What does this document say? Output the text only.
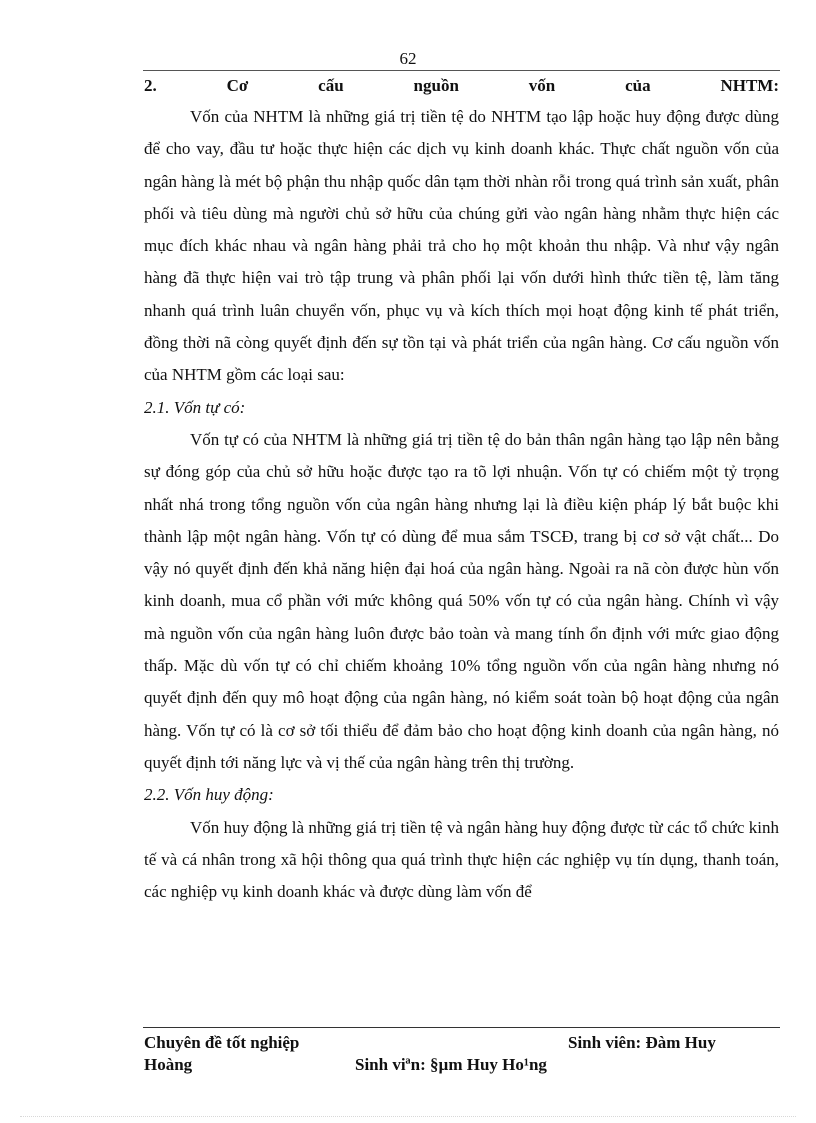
62
2.	Cơ	cấu	nguồn	vốn	của	NHTM:

Vốn của NHTM là những giá trị tiền tệ do NHTM tạo lập hoặc huy động được dùng để cho vay, đầu tư hoặc thực hiện các dịch vụ kinh doanh khác. Thực chất nguồn vốn của ngân hàng là mét bộ phận thu nhập quốc dân tạm thời nhàn rỗi trong quá trình sản xuất, phân phối và tiêu dùng mà người chủ sở hữu của chúng gửi vào ngân hàng nhằm thực hiện các mục đích khác nhau và ngân hàng phải trả cho họ một khoản thu nhập. Và như vậy ngân hàng đã thực hiện vai trò tập trung và phân phối lại vốn dưới hình thức tiền tệ, làm tăng nhanh quá trình luân chuyển vốn, phục vụ và kích thích mọi hoạt động kinh tế phát triển, đồng thời nã còng quyết định đến sự tồn tại và phát triển của ngân hàng. Cơ cấu nguồn vốn của NHTM gồm các loại sau:

2.1. Vốn tự có:

Vốn tự có của NHTM là những giá trị tiền tệ do bản thân ngân hàng tạo lập nên bằng sự đóng góp của chủ sở hữu hoặc được tạo ra tõ lợi nhuận. Vốn tự có chiếm một tỷ trọng nhất nhá trong tổng nguồn vốn của ngân hàng nhưng lại là điều kiện pháp lý bắt buộc khi thành lập một ngân hàng. Vốn tự có dùng để mua sắm TSCĐ, trang bị cơ sở vật chất... Do vậy nó quyết định đến khả năng hiện đại hoá của ngân hàng. Ngoài ra nã còn được hùn vốn kinh doanh, mua cổ phần với mức không quá 50% vốn tự có của ngân hàng. Chính vì vậy mà nguồn vốn của ngân hàng luôn được bảo toàn và mang tính ổn định với mức giao động thấp. Mặc dù vốn tự có chỉ chiếm khoảng 10% tổng nguồn vốn của ngân hàng nhưng nó quyết định đến quy mô hoạt động của ngân hàng, nó kiểm soát toàn bộ hoạt động của ngân hàng. Vốn tự có là cơ sở tối thiểu để đảm bảo cho hoạt động kinh doanh của ngân hàng, nó quyết định tới năng lực và vị thế của ngân hàng trên thị trường.

2.2. Vốn huy động:

Vốn huy động là những giá trị tiền tệ và ngân hàng huy động được từ các tổ chức kinh tế và cá nhân trong xã hội thông qua quá trình thực hiện các nghiệp vụ tín dụng, thanh toán, các nghiệp vụ kinh doanh khác và được dùng làm vốn để

Chuyên đề tốt nghiệp	Sinh viên: Đàm Huy
Hoàng	Sinh viªn: §µm Huy Ho¹ng
